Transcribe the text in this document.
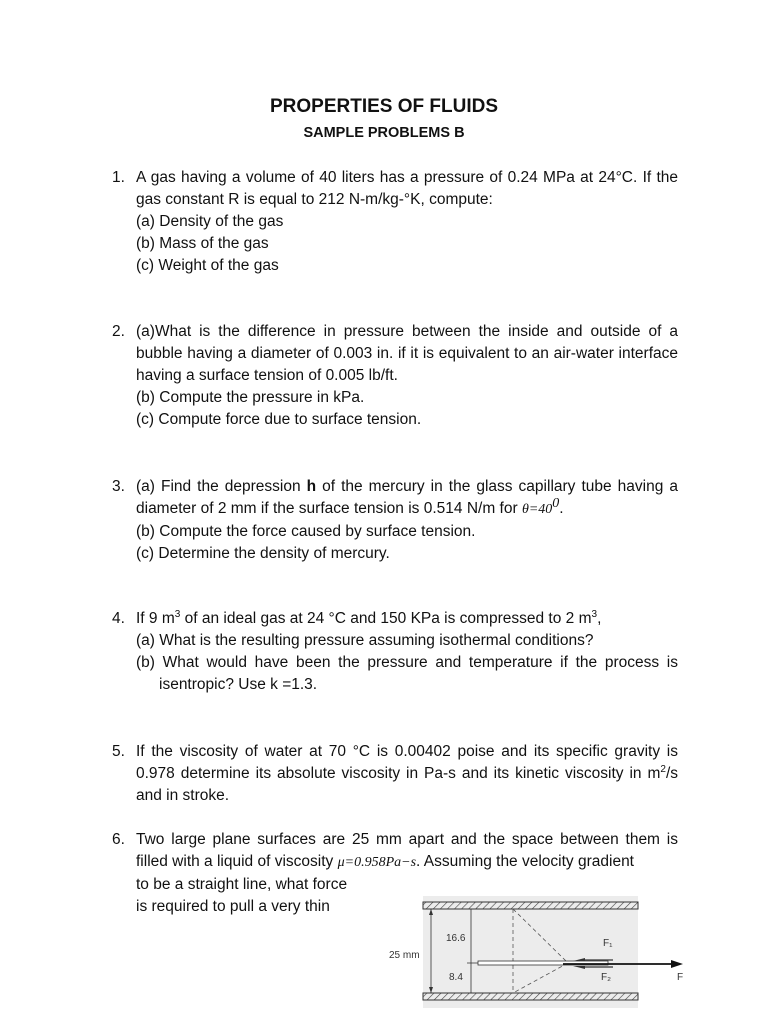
PROPERTIES OF FLUIDS
SAMPLE PROBLEMS B
1. A gas having a volume of 40 liters has a pressure of 0.24 MPa at 24°C. If the gas constant R is equal to 212 N-m/kg-°K, compute:
(a) Density of the gas
(b) Mass of the gas
(c) Weight of the gas
2. (a)What is the difference in pressure between the inside and outside of a bubble having a diameter of 0.003 in. if it is equivalent to an air-water interface having a surface tension of 0.005 lb/ft.
(b) Compute the pressure in kPa.
(c) Compute force due to surface tension.
3. (a) Find the depression h of the mercury in the glass capillary tube having a diameter of 2 mm if the surface tension is 0.514 N/m for $\theta=40^0$.
(b) Compute the force caused by surface tension.
(c) Determine the density of mercury.
4. If 9 $m^3$ of an ideal gas at 24 °C and 150 KPa is compressed to 2 $m^3$,
(a) What is the resulting pressure assuming isothermal conditions?
(b) What would have been the pressure and temperature if the process is isentropic? Use k =1.3.
5. If the viscosity of water at 70 °C is 0.00402 poise and its specific gravity is 0.978 determine its absolute viscosity in Pa-s and its kinetic viscosity in $m^2/s$ and in stroke.
6. Two large plane surfaces are 25 mm apart and the space between them is filled with a liquid of viscosity μ=0.958Pa−s. Assuming the velocity gradient
to be a straight line, what force
is required to pull a very thin
25 mm
16.6
8.4	F
F₁
F₂
